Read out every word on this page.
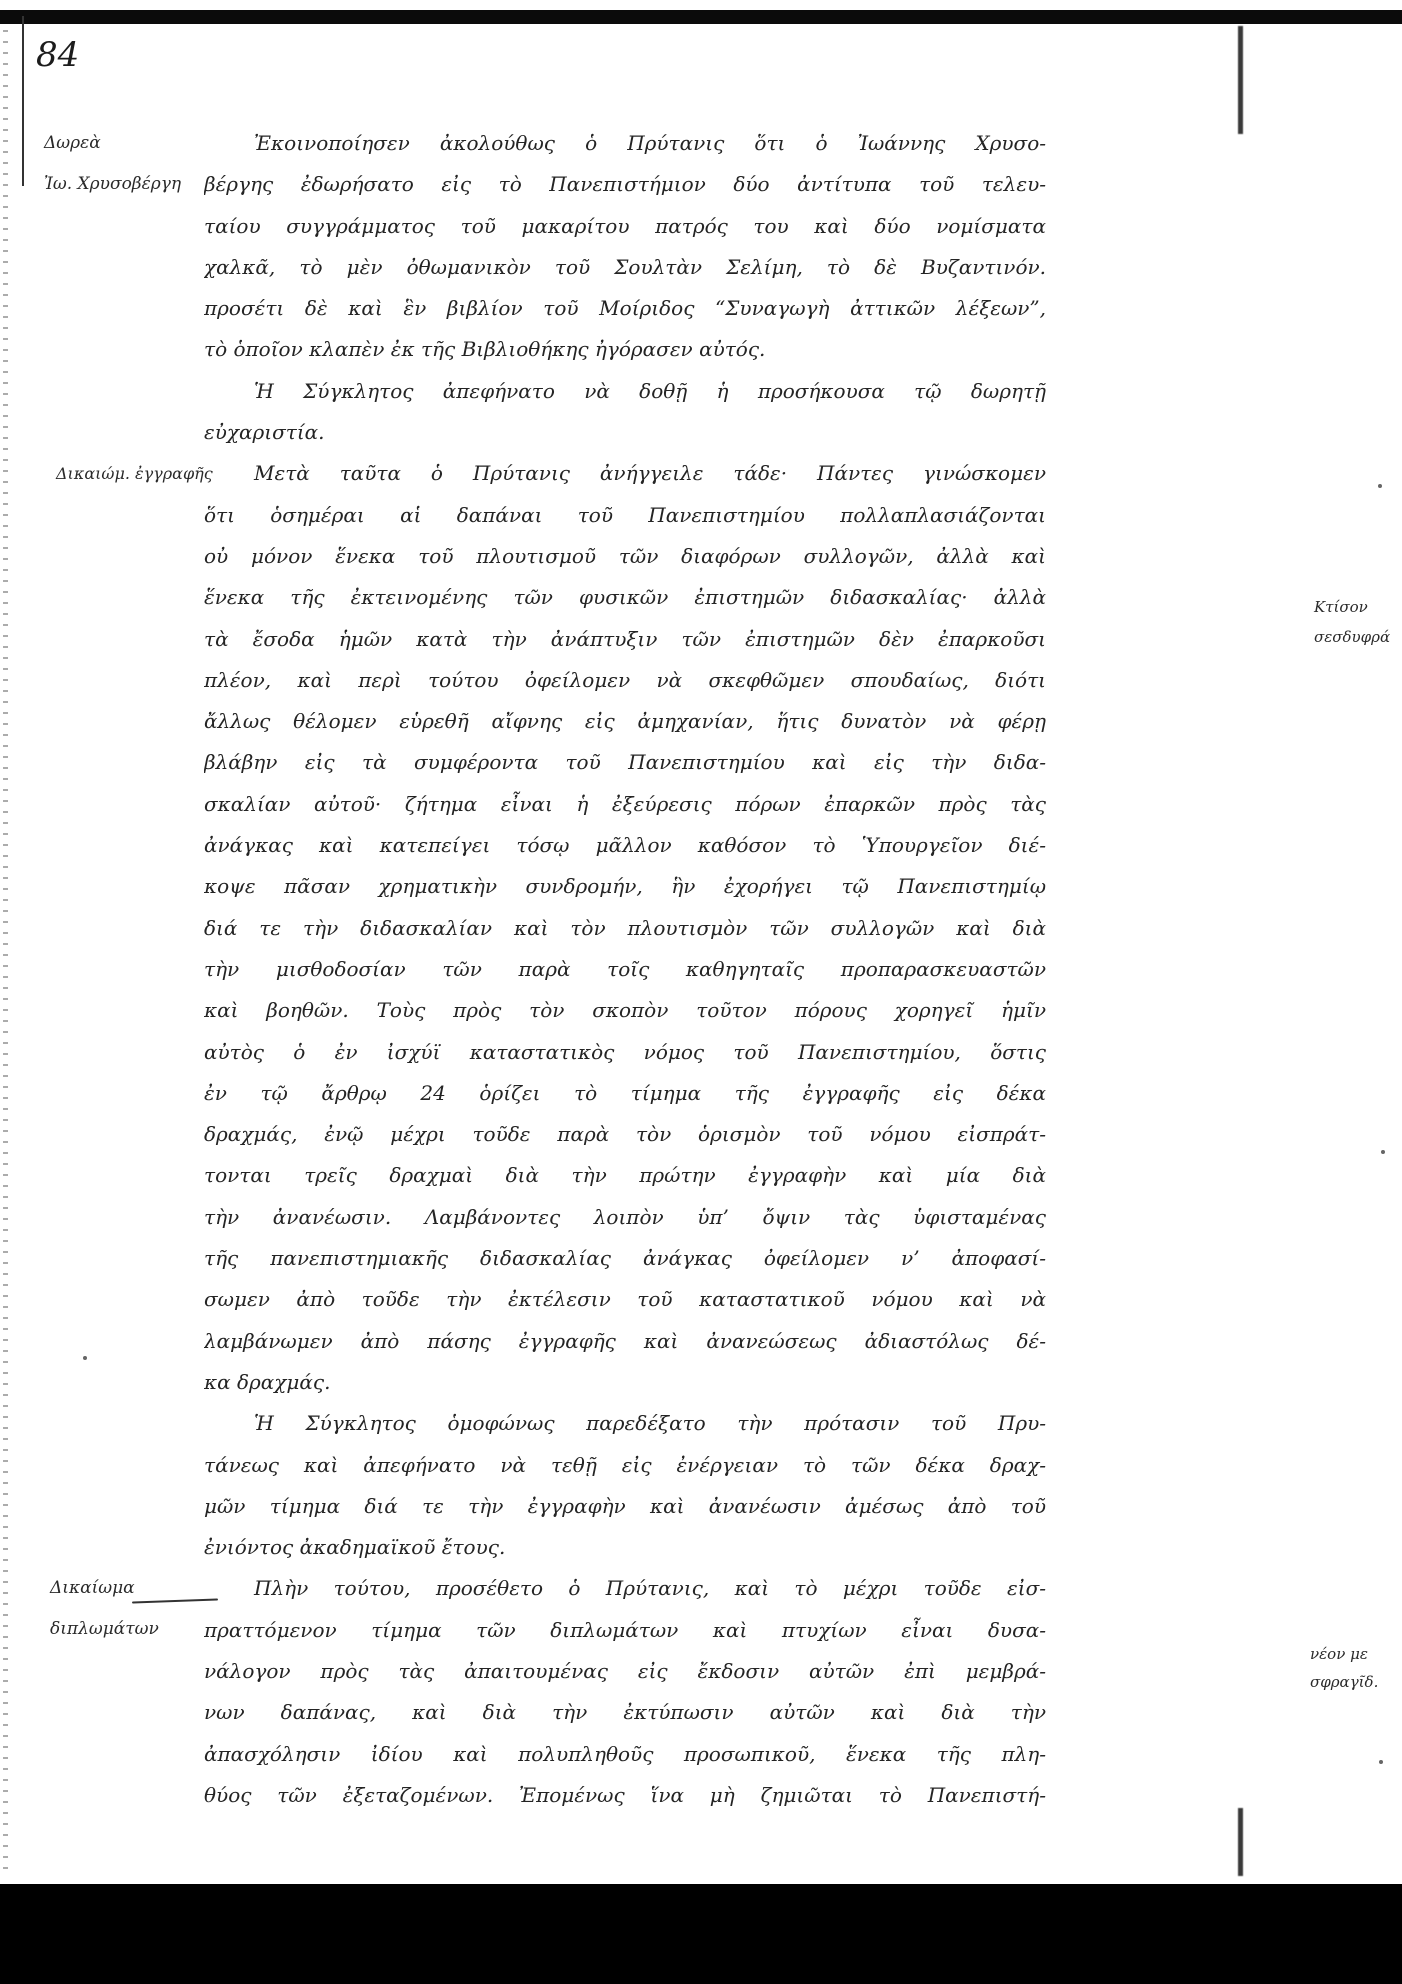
84
Δωρεὰ
Ἰω. Χρυσοβέργη
Δικαιώμ. ἐγγραφῆς
Δικαίωμα
διπλωμάτων
Κτίσον
σεσδυφρά
νέον με
σφραγῖδ.
Ἐκοινοποίησεν ἀκολούθως ὁ Πρύτανις ὅτι ὁ Ἰωάννης Χρυσο-
βέργης ἐδωρήσατο εἰς τὸ Πανεπιστήμιον δύο ἀντίτυπα τοῦ τελευ-
ταίου συγγράμματος τοῦ μακαρίτου πατρός του καὶ δύο νομίσματα
χαλκᾶ, τὸ μὲν ὀθωμανικὸν τοῦ Σουλτὰν Σελίμη, τὸ δὲ Βυζαντινόν.
προσέτι δὲ καὶ ἓν βιβλίον τοῦ Μοίριδος “Συναγωγὴ ἀττικῶν λέξεων”,
τὸ ὁποῖον κλαπὲν ἐκ τῆς Βιβλιοθήκης ἠγόρασεν αὐτός.
Ἡ Σύγκλητος ἀπεφήνατο νὰ δοθῇ ἡ προσήκουσα τῷ δωρητῇ
εὐχαριστία.
Μετὰ ταῦτα ὁ Πρύτανις ἀνήγγειλε τάδε· Πάντες γινώσκομεν
ὅτι ὁσημέραι αἱ δαπάναι τοῦ Πανεπιστημίου πολλαπλασιάζονται
οὐ μόνον ἕνεκα τοῦ πλουτισμοῦ τῶν διαφόρων συλλογῶν, ἀλλὰ καὶ
ἕνεκα τῆς ἐκτεινομένης τῶν φυσικῶν ἐπιστημῶν διδασκαλίας· ἀλλὰ
τὰ ἔσοδα ἡμῶν κατὰ τὴν ἀνάπτυξιν τῶν ἐπιστημῶν δὲν ἐπαρκοῦσι
πλέον, καὶ περὶ τούτου ὀφείλομεν νὰ σκεφθῶμεν σπουδαίως, διότι
ἄλλως θέλομεν εὑρεθῆ αἴφνης εἰς ἀμηχανίαν, ἥτις δυνατὸν νὰ φέρῃ
βλάβην εἰς τὰ συμφέροντα τοῦ Πανεπιστημίου καὶ εἰς τὴν διδα-
σκαλίαν αὐτοῦ· ζήτημα εἶναι ἡ ἐξεύρεσις πόρων ἐπαρκῶν πρὸς τὰς
ἀνάγκας καὶ κατεπείγει τόσῳ μᾶλλον καθόσον τὸ Ὑπουργεῖον διέ-
κοψε πᾶσαν χρηματικὴν συνδρομήν, ἣν ἐχορήγει τῷ Πανεπιστημίῳ
διά τε τὴν διδασκαλίαν καὶ τὸν πλουτισμὸν τῶν συλλογῶν καὶ διὰ
τὴν μισθοδοσίαν τῶν παρὰ τοῖς καθηγηταῖς προπαρασκευαστῶν
καὶ βοηθῶν. Τοὺς πρὸς τὸν σκοπὸν τοῦτον πόρους χορηγεῖ ἡμῖν
αὐτὸς ὁ ἐν ἰσχύϊ καταστατικὸς νόμος τοῦ Πανεπιστημίου, ὅστις
ἐν τῷ ἄρθρῳ 24 ὁρίζει τὸ τίμημα τῆς ἐγγραφῆς εἰς δέκα
δραχμάς, ἐνῷ μέχρι τοῦδε παρὰ τὸν ὁρισμὸν τοῦ νόμου εἰσπράτ-
τονται τρεῖς δραχμαὶ διὰ τὴν πρώτην ἐγγραφὴν καὶ μία διὰ
τὴν ἀνανέωσιν. Λαμβάνοντες λοιπὸν ὑπ’ ὄψιν τὰς ὑφισταμένας
τῆς πανεπιστημιακῆς διδασκαλίας ἀνάγκας ὀφείλομεν ν’ ἀποφασί-
σωμεν ἀπὸ τοῦδε τὴν ἐκτέλεσιν τοῦ καταστατικοῦ νόμου καὶ νὰ
λαμβάνωμεν ἀπὸ πάσης ἐγγραφῆς καὶ ἀνανεώσεως ἀδιαστόλως δέ-
κα δραχμάς.
Ἡ Σύγκλητος ὁμοφώνως παρεδέξατο τὴν πρότασιν τοῦ Πρυ-
τάνεως καὶ ἀπεφήνατο νὰ τεθῇ εἰς ἐνέργειαν τὸ τῶν δέκα δραχ-
μῶν τίμημα διά τε τὴν ἐγγραφὴν καὶ ἀνανέωσιν ἀμέσως ἀπὸ τοῦ
ἐνιόντος ἀκαδημαϊκοῦ ἔτους.
Πλὴν τούτου, προσέθετο ὁ Πρύτανις, καὶ τὸ μέχρι τοῦδε εἰσ-
πραττόμενον τίμημα τῶν διπλωμάτων καὶ πτυχίων εἶναι δυσα-
νάλογον πρὸς τὰς ἀπαιτουμένας εἰς ἔκδοσιν αὐτῶν ἐπὶ μεμβρά-
νων δαπάνας, καὶ διὰ τὴν ἐκτύπωσιν αὐτῶν καὶ διὰ τὴν
ἀπασχόλησιν ἰδίου καὶ πολυπληθοῦς προσωπικοῦ, ἕνεκα τῆς πλη-
θύος τῶν ἐξεταζομένων. Ἐπομένως ἵνα μὴ ζημιῶται τὸ Πανεπιστή-
